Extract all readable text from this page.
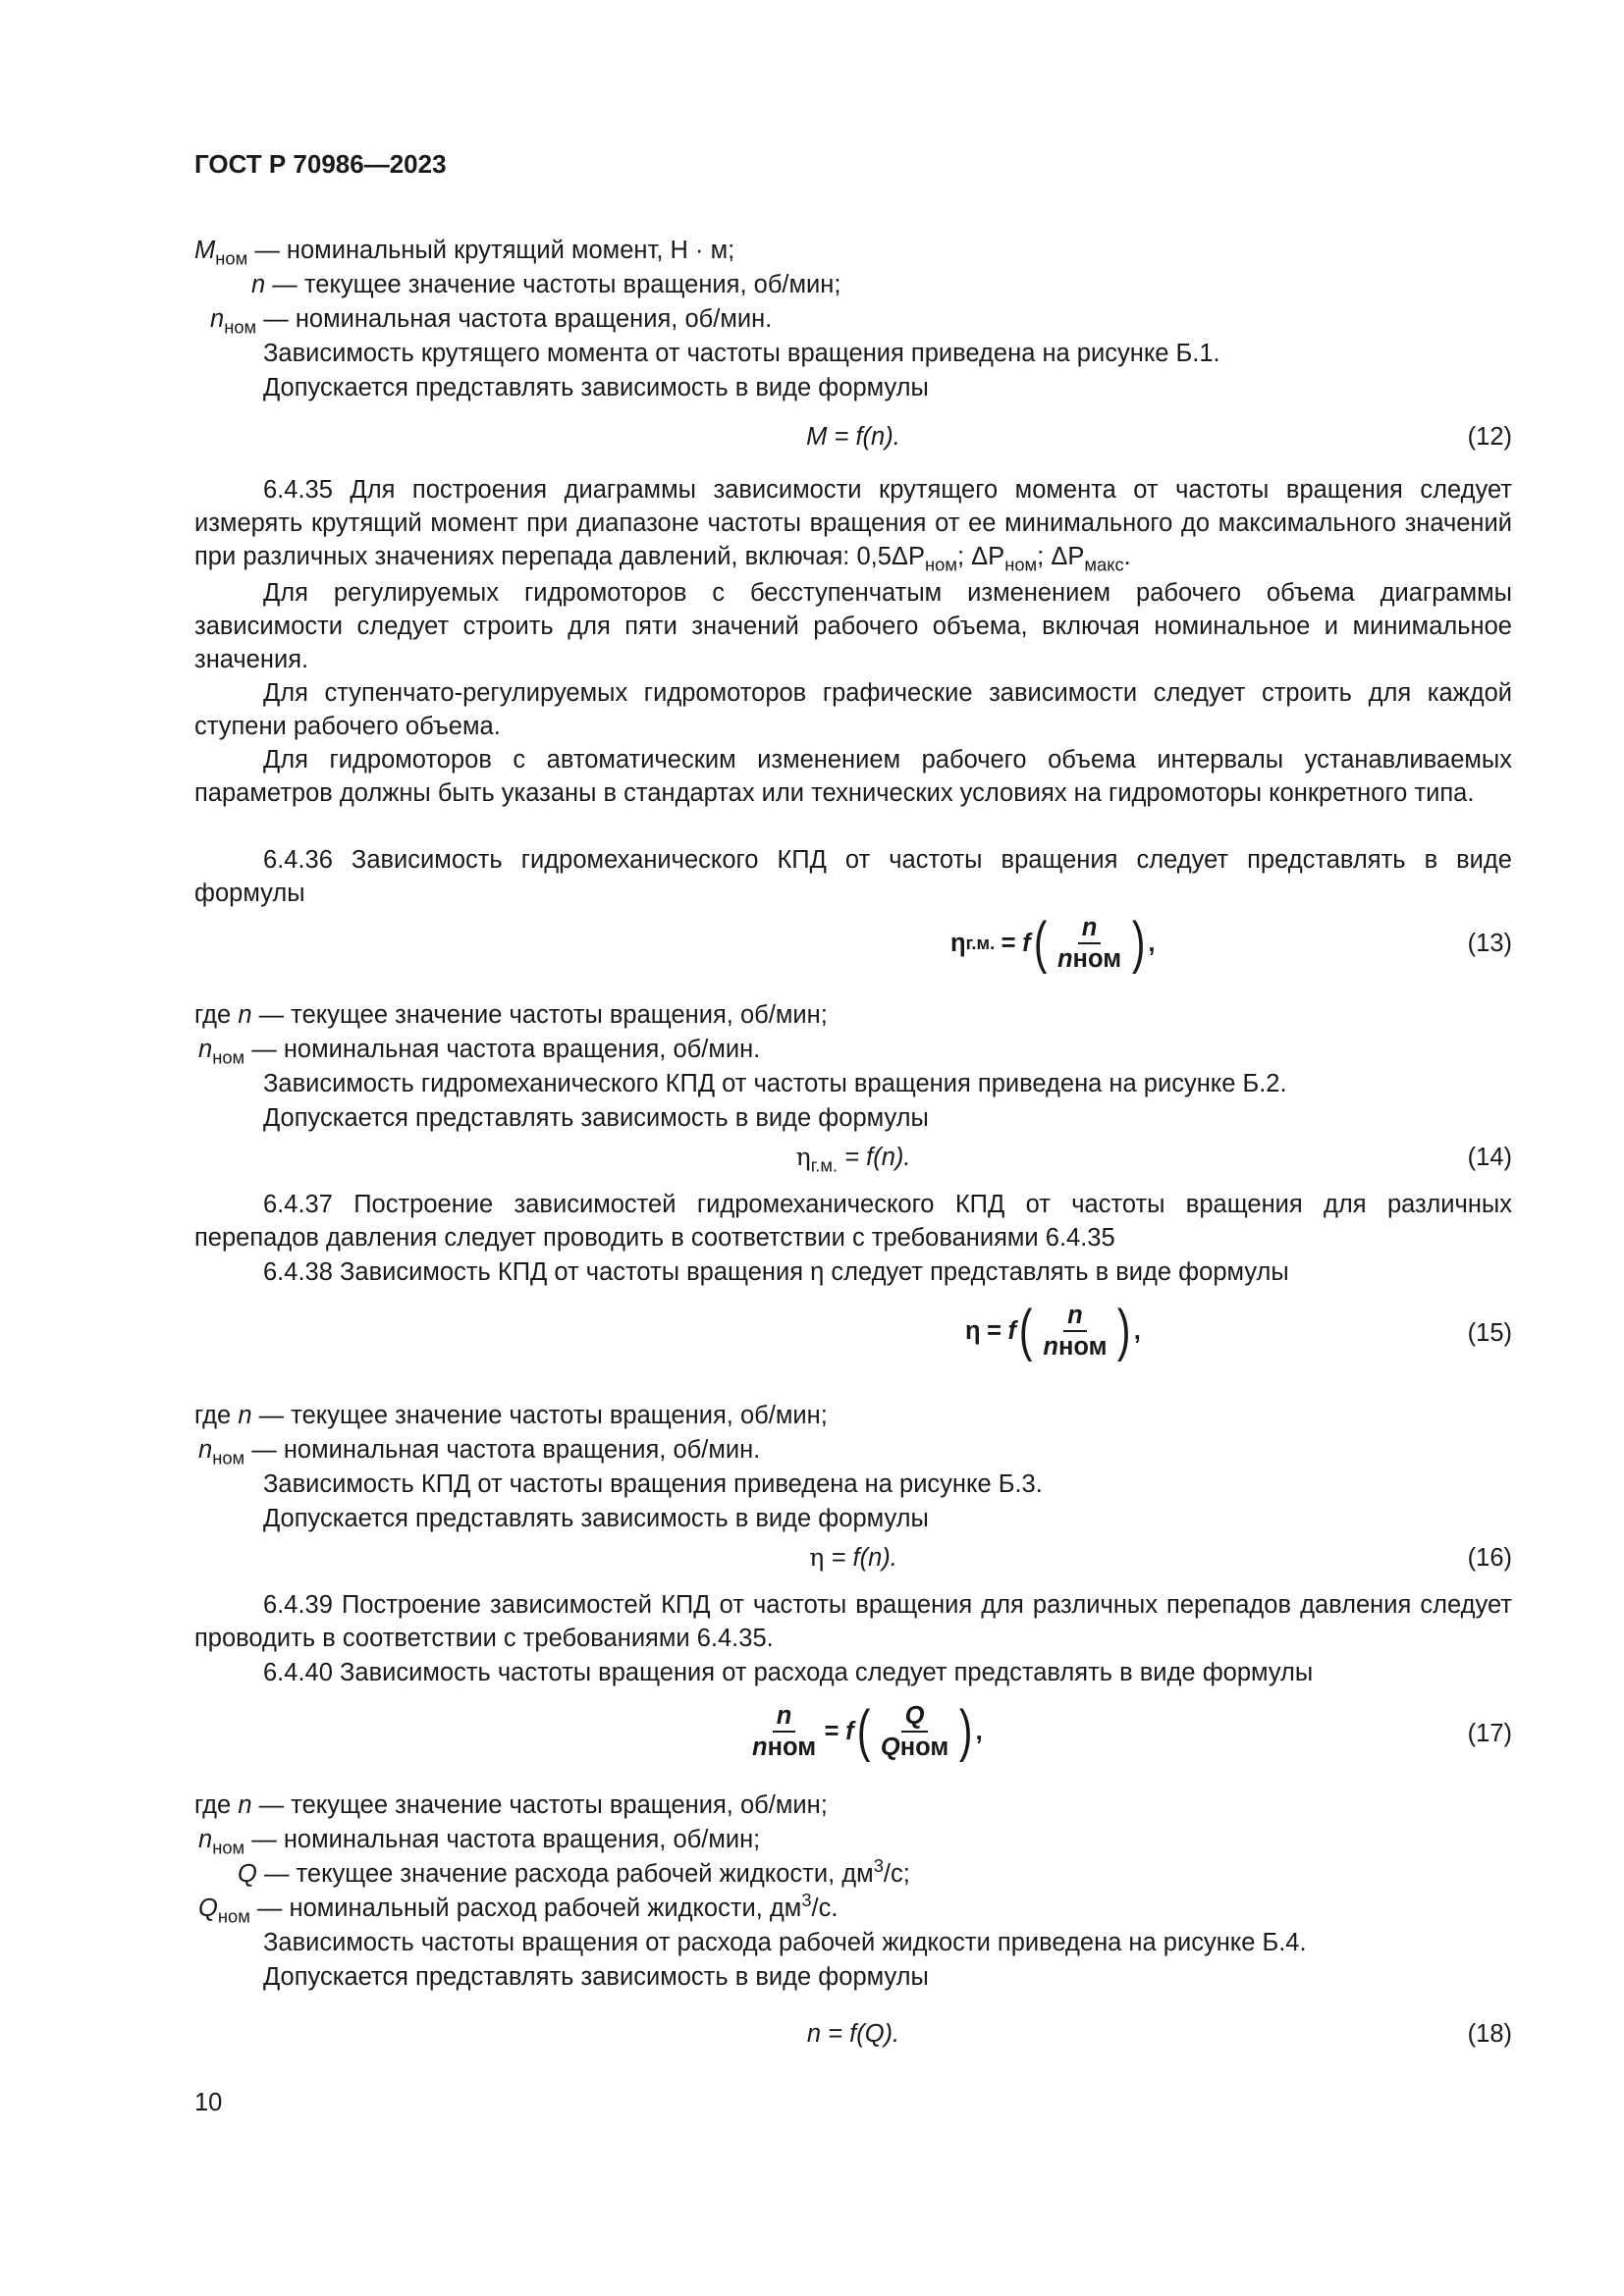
ГОСТ Р 70986—2023
$M_{ном}$ — номинальный крутящий момент, Н · м;
n — текущее значение частоты вращения, об/мин;
$n_{ном}$ — номинальная частота вращения, об/мин.
Зависимость крутящего момента от частоты вращения приведена на рисунке Б.1.
Допускается представлять зависимость в виде формулы
M = f(n).	(12)
6.4.35 Для построения диаграммы зависимости крутящего момента от частоты вращения следует измерять крутящий момент при диапазоне частоты вращения от ее минимального до максимального значений при различных значениях перепада давлений, включая: $0,5\Delta P_{ном}$; $\Delta P_{ном}$; $\Delta P_{макс}$.
Для регулируемых гидромоторов с бесступенчатым изменением рабочего объема диаграммы зависимости следует строить для пяти значений рабочего объема, включая номинальное и минимальное значения.
Для ступенчато-регулируемых гидромоторов графические зависимости следует строить для каждой ступени рабочего объема.
Для гидромоторов с автоматическим изменением рабочего объема интервалы устанавливаемых параметров должны быть указаны в стандартах или технических условиях на гидромоторы конкретного типа.
6.4.36 Зависимость гидромеханического КПД от частоты вращения следует представлять в виде формулы
η г.м. = f ( $\frac{n}{\text{nном}}$ ) ,	(13)
где n — текущее значение частоты вращения, об/мин;
$n_{ном}$ — номинальная частота вращения, об/мин.
Зависимость гидромеханического КПД от частоты вращения приведена на рисунке Б.2.
Допускается представлять зависимость в виде формулы
$\eta_{г.м.} = f(n)$.	(14)
6.4.37 Построение зависимостей гидромеханического КПД от частоты вращения для различных перепадов давления следует проводить в соответствии с требованиями 6.4.35
6.4.38 Зависимость КПД от частоты вращения η следует представлять в виде формулы
η = f ( $\frac{n}{\text{nном}}$ ) ,	(15)
где n — текущее значение частоты вращения, об/мин;
$n_{ном}$ — номинальная частота вращения, об/мин.
Зависимость КПД от частоты вращения приведена на рисунке Б.3.
Допускается представлять зависимость в виде формулы
η = f(n).	(16)
6.4.39 Построение зависимостей КПД от частоты вращения для различных перепадов давления следует проводить в соответствии с требованиями 6.4.35.
6.4.40 Зависимость частоты вращения от расхода следует представлять в виде формулы
$\frac{n}{\text{nном}} = f$ ( $\frac{Q}{\text{Qном}}$ ) ,	(17)
где n — текущее значение частоты вращения, об/мин;
$n_{ном}$ — номинальная частота вращения, об/мин;
Q — текущее значение расхода рабочей жидкости, $дм^3/с$;
$Q_{ном}$ — номинальный расход рабочей жидкости, $дм^3/с$.
Зависимость частоты вращения от расхода рабочей жидкости приведена на рисунке Б.4.
Допускается представлять зависимость в виде формулы
n = f(Q).	(18)
10
